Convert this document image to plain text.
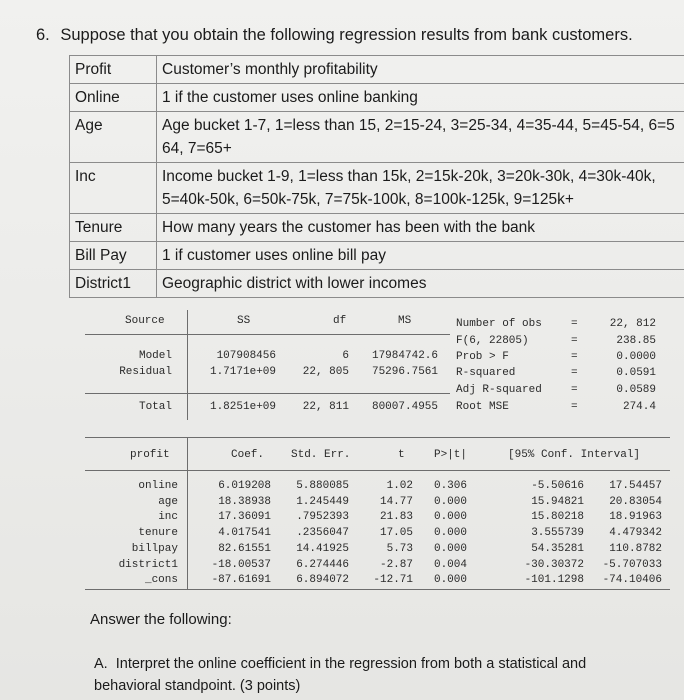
6. Suppose that you obtain the following regression results from bank customers.
Profit	Customer’s monthly profitability

Online	1 if the customer uses online banking

Age	Age bucket 1-7, 1=less than 15, 2=15-24, 3=25-34, 4=35-44, 5=45-54, 6=5
64, 7=65+

Inc	Income bucket 1-9, 1=less than 15k, 2=15k-20k, 3=20k-30k, 4=30k-40k,
5=40k-50k, 6=50k-75k, 7=75k-100k, 8=100k-125k, 9=125k+

Tenure	How many years the customer has been with the bank

Bill Pay	1 if customer uses online bill pay

District1	Geographic district with lower incomes
Source	SS	df	MS
Model	107908456	6	17984742.6
Residual	1.7171e+09	22, 805	75296.7561
Total	1.8251e+09	22, 811	80007.4955
Number of obs	=	22, 812
F(6, 22805)	=	238.85
Prob > F	=	0.0000
R-squared	=	0.0591
Adj R-squared	=	0.0589
Root MSE	=	274.4
profit	Coef. Std. Err.	t	P>|t|	[95% Conf. Interval]
online	6.019208	5.880085	1.02	0.306	-5.50616	17.54457
age	18.38938	1.245449	14.77	0.000	15.94821	20.83054
inc	17.36091	.7952393	21.83	0.000	15.80218	18.91963
tenure	4.017541	.2356047	17.05	0.000	3.555739	4.479342
billpay	82.61551	14.41925	5.73	0.000	54.35281	110.8782
district1	-18.00537	6.274446	-2.87	0.004	-30.30372	-5.707033
_cons	-87.61691	6.894072	-12.71	0.000	-101.1298	-74.10406
Answer the following:
A. Interpret the online coefficient in the regression from both a statistical and behavioral standpoint. (3 points)
